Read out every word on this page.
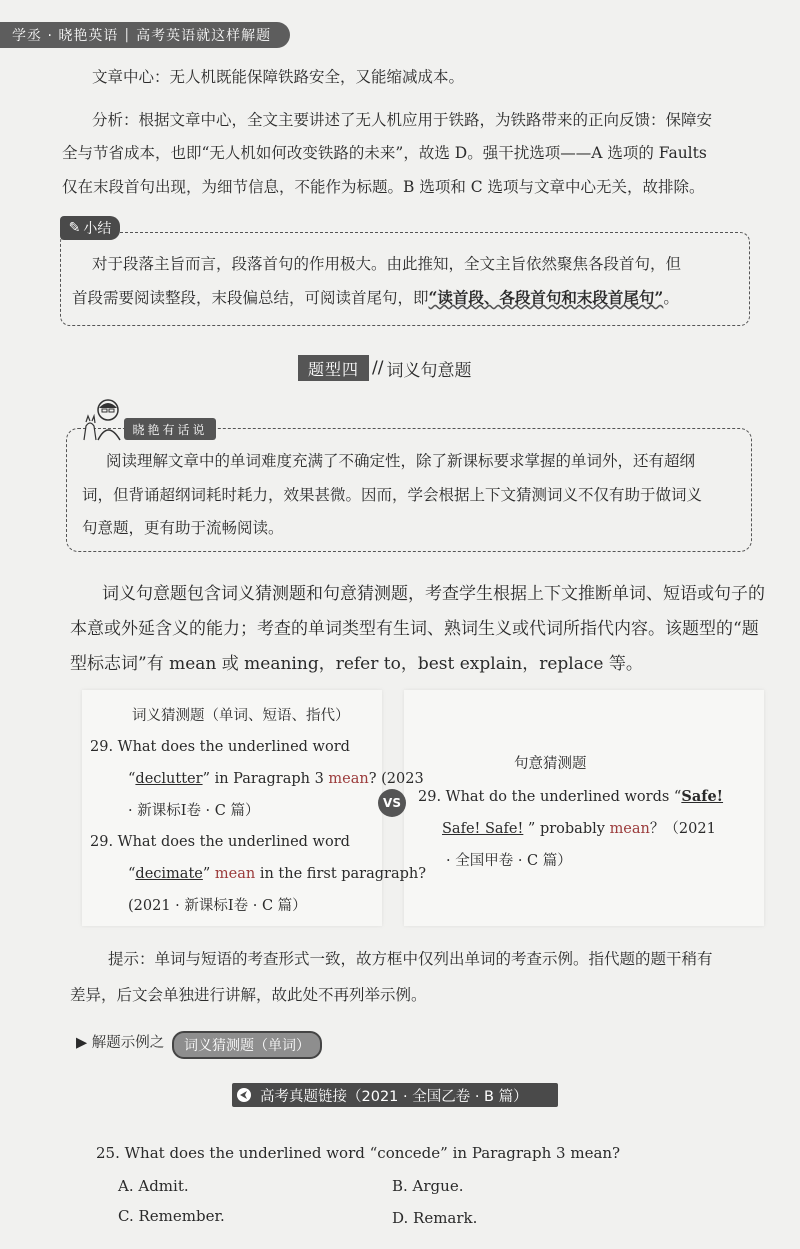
学丞 · 晓艳英语 | 高考英语就这样解题
文章中心：无人机既能保障铁路安全，又能缩减成本。
分析：根据文章中心，全文主要讲述了无人机应用于铁路，为铁路带来的正向反馈：保障安
全与节省成本，也即“无人机如何改变铁路的未来”，故选 D。强干扰选项——A 选项的 Faults
仅在末段首句出现，为细节信息，不能作为标题。B 选项和 C 选项与文章中心无关，故排除。
✎ 小结
对于段落主旨而言，段落首句的作用极大。由此推知，全文主旨依然聚焦各段首句，但
首段需要阅读整段，末段偏总结，可阅读首尾句，即“读首段、各段首句和末段首尾句”。
题型四 // 词义句意题
晓艳有话说
阅读理解文章中的单词难度充满了不确定性，除了新课标要求掌握的单词外，还有超纲
词，但背诵超纲词耗时耗力，效果甚微。因而，学会根据上下文猜测词义不仅有助于做词义
句意题，更有助于流畅阅读。
词义句意题包含词义猜测题和句意猜测题，考查学生根据上下文推断单词、短语或句子的
本意或外延含义的能力；考查的单词类型有生词、熟词生义或代词所指代内容。该题型的“题
型标志词”有 mean 或 meaning，refer to，best explain，replace 等。
词义猜测题（单词、短语、指代）
29. What does the underlined word
“declutter” in Paragraph 3 mean? (2023
· 新课标Ⅰ卷 · C 篇）
29. What does the underlined word
“decimate” mean in the first paragraph?
(2021 · 新课标Ⅰ卷 · C 篇）
VS
句意猜测题
29. What do the underlined words “Safe!
Safe! Safe! ” probably mean？（2021
· 全国甲卷 · C 篇）
提示：单词与短语的考查形式一致，故方框中仅列出单词的考查示例。指代题的题干稍有
差异，后文会单独进行讲解，故此处不再列举示例。
▶ 解题示例之	词义猜测题（单词）
高考真题链接（2021 · 全国乙卷 · B 篇）
25. What does the underlined word “concede” in Paragraph 3 mean?
A. Admit.	B. Argue.
C. Remember.	D. Remark.
